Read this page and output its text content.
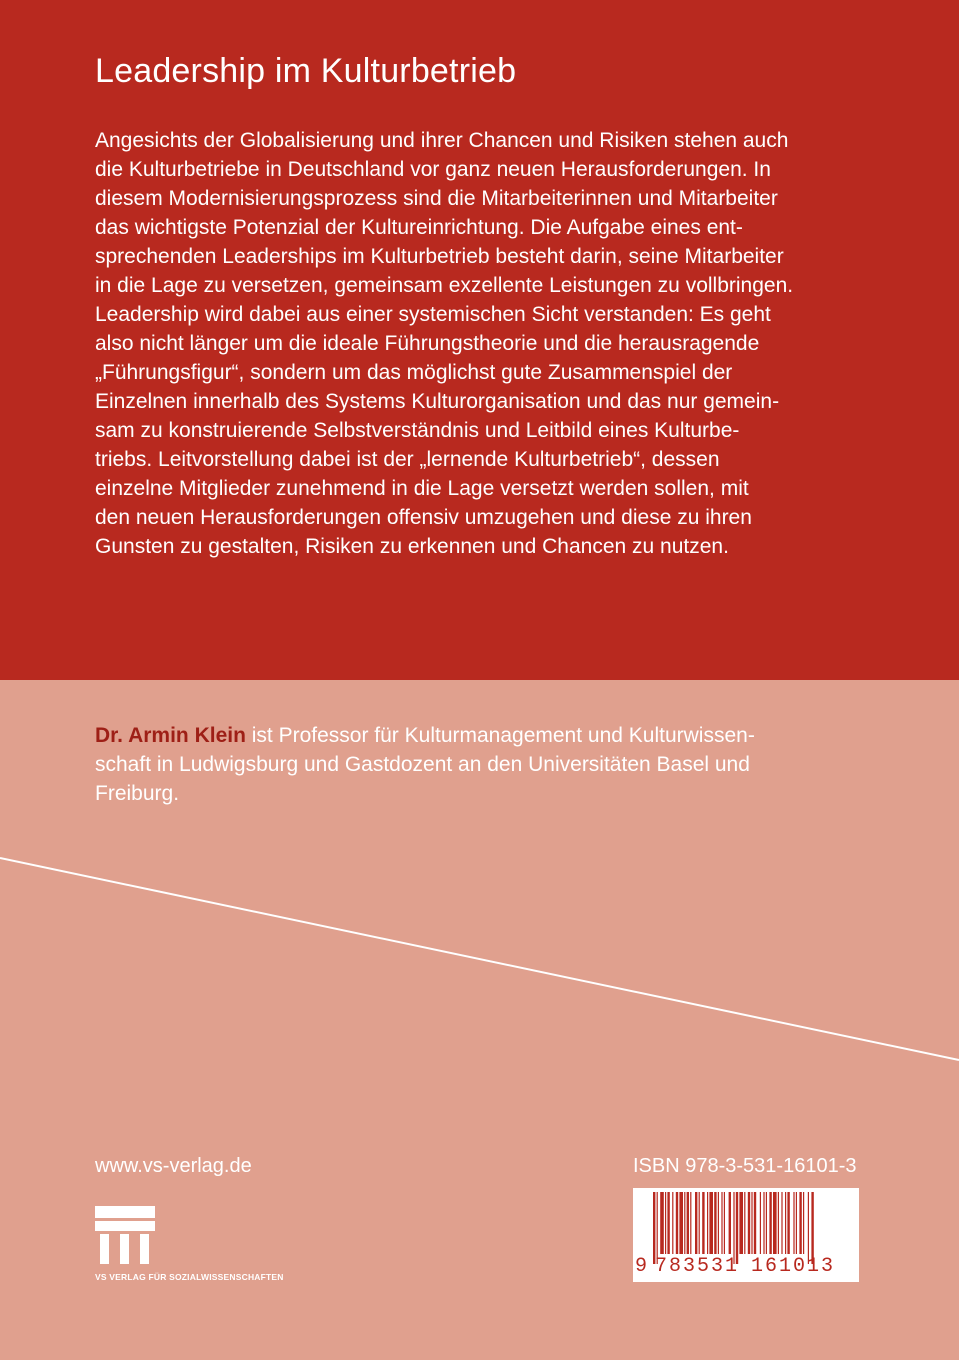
Leadership im Kulturbetrieb
Angesichts der Globalisierung und ihrer Chancen und Risiken stehen auch
die Kulturbetriebe in Deutschland vor ganz neuen Herausforderungen. In
diesem Modernisierungsprozess sind die Mitarbeiterinnen und Mitarbeiter
das wichtigste Potenzial der Kultureinrichtung. Die Aufgabe eines ent-
sprechenden Leaderships im Kulturbetrieb besteht darin, seine Mitarbeiter
in die Lage zu versetzen, gemeinsam exzellente Leistungen zu vollbringen.
Leadership wird dabei aus einer systemischen Sicht verstanden: Es geht
also nicht länger um die ideale Führungstheorie und die herausragende
„Führungsfigur“, sondern um das möglichst gute Zusammenspiel der
Einzelnen innerhalb des Systems Kulturorganisation und das nur gemein-
sam zu konstruierende Selbstverständnis und Leitbild eines Kulturbe-
triebs. Leitvorstellung dabei ist der „lernende Kulturbetrieb“, dessen
einzelne Mitglieder zunehmend in die Lage versetzt werden sollen, mit
den neuen Herausforderungen offensiv umzugehen und diese zu ihren
Gunsten zu gestalten, Risiken zu erkennen und Chancen zu nutzen.
Dr. Armin Klein ist Professor für Kulturmanagement und Kulturwissen-
schaft in Ludwigsburg und Gastdozent an den Universitäten Basel und
Freiburg.
www.vs-verlag.de
VS VERLAG FÜR SOZIALWISSENSCHAFTEN
ISBN 978-3-531-16101-3
9 783531 161013
